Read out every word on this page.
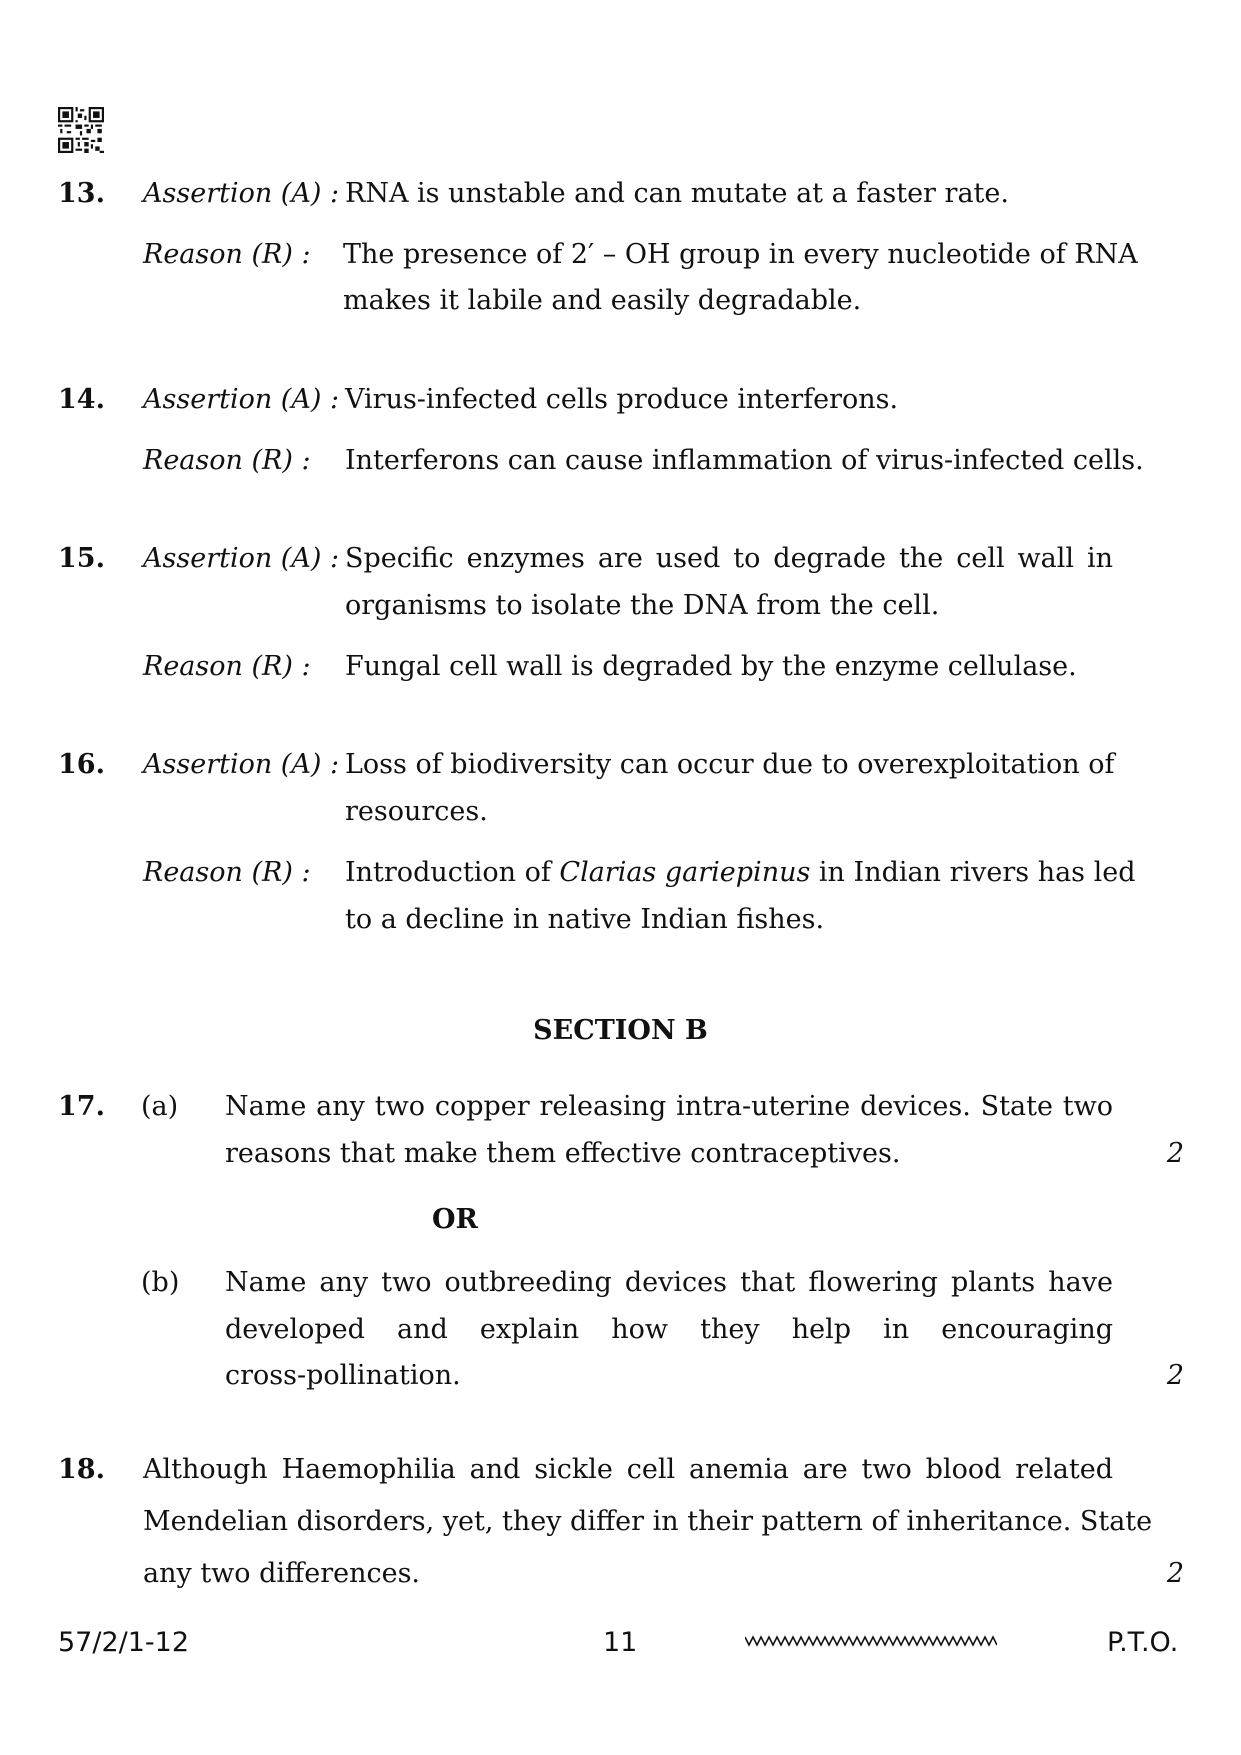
13. Assertion (A) : RNA is unstable and can mutate at a faster rate.
Reason (R) : The presence of 2′ – OH group in every nucleotide of RNA
makes it labile and easily degradable.
14. Assertion (A) : Virus-infected cells produce interferons.
Reason (R) : Interferons can cause inflammation of virus-infected cells.
15. Assertion (A) : Specific enzymes are used to degrade the cell wall in
organisms to isolate the DNA from the cell.
Reason (R) : Fungal cell wall is degraded by the enzyme cellulase.
16. Assertion (A) : Loss of biodiversity can occur due to overexploitation of
resources.
Reason (R) : Introduction of Clarias gariepinus in Indian rivers has led
to a decline in native Indian fishes.
SECTION B
17. (a) Name any two copper releasing intra-uterine devices. State two
reasons that make them effective contraceptives.	2
OR
(b) Name any two outbreeding devices that flowering plants have
developed and explain how they help in encouraging
cross-pollination.	2
18. Although Haemophilia and sickle cell anemia are two blood related
Mendelian disorders, yet, they differ in their pattern of inheritance. State
any two differences.	2
57/2/1-12	11	P.T.O.
